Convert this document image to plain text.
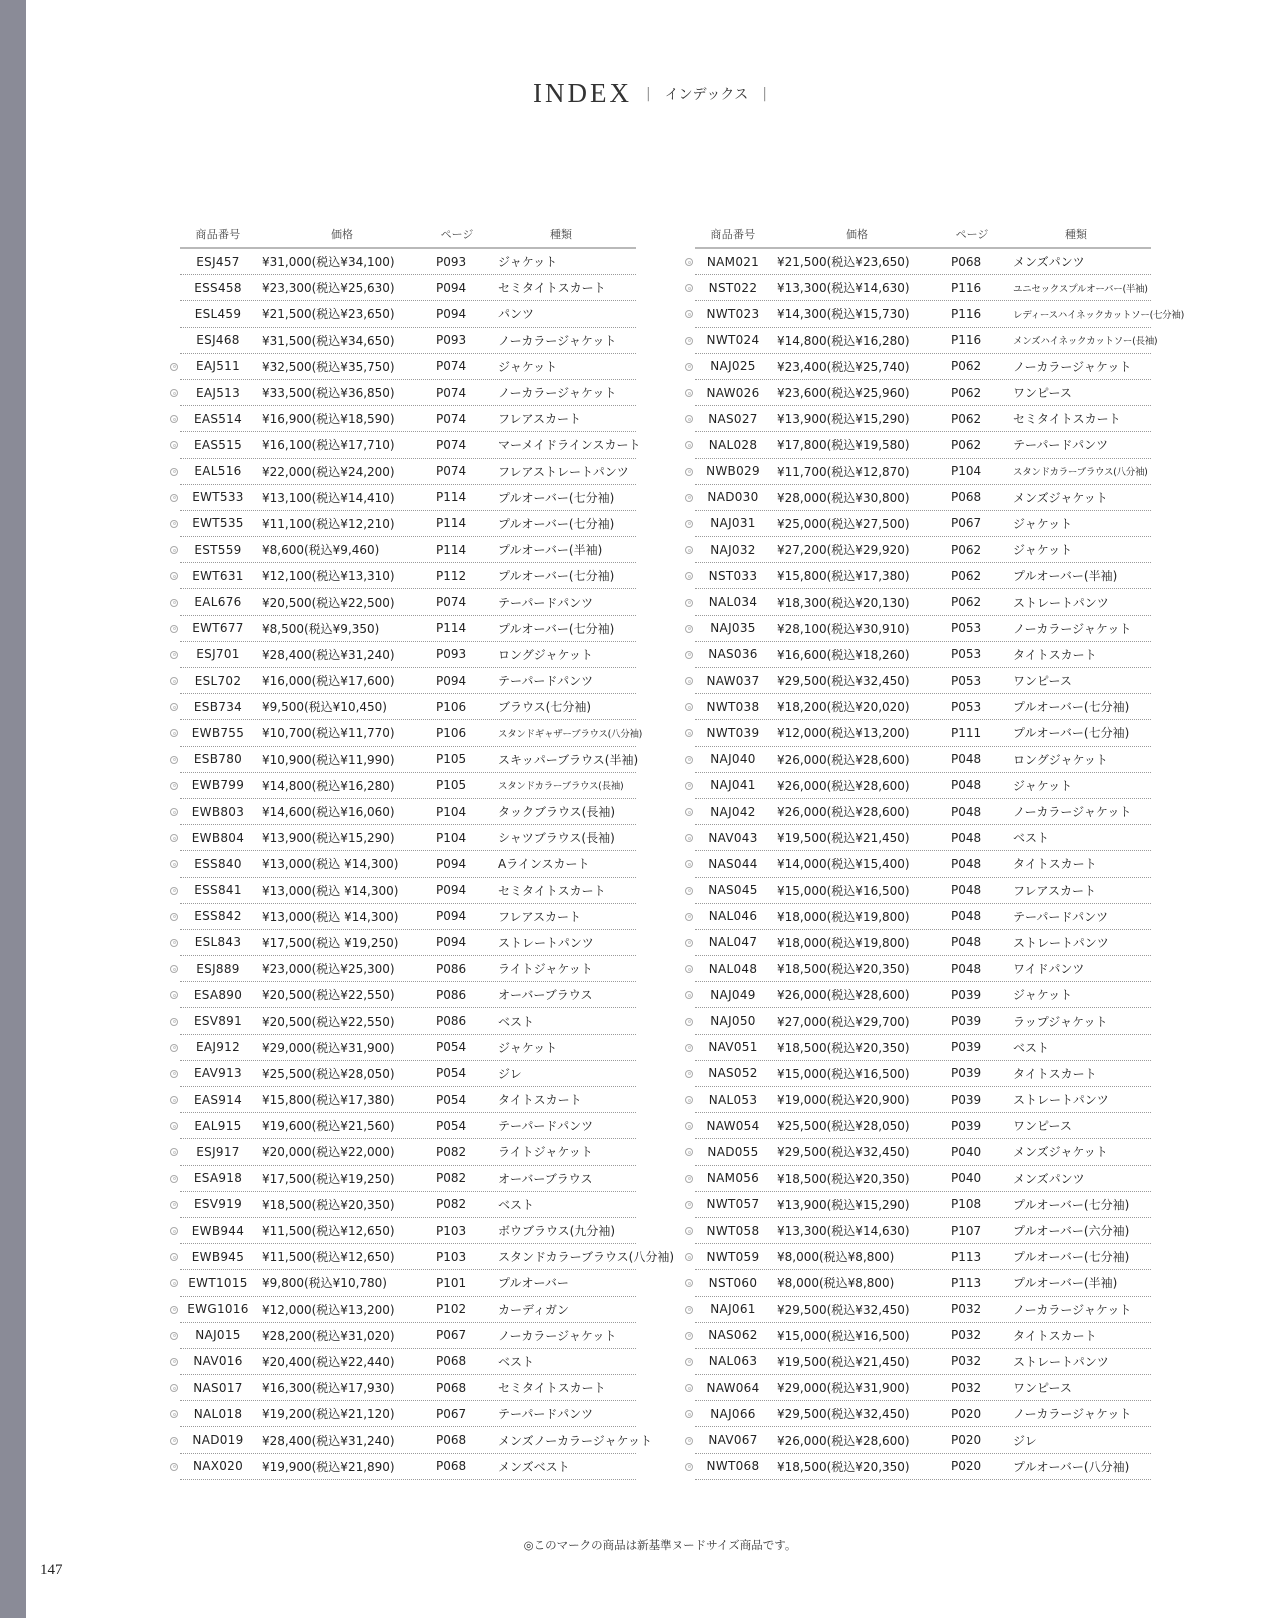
INDEX | インデックス |
商品番号	価格	ページ	種類
ESJ457	¥31,000(税込¥34,100)	P093	ジャケット
ESS458	¥23,300(税込¥25,630)	P094	セミタイトスカート
ESL459	¥21,500(税込¥23,650)	P094	パンツ
ESJ468	¥31,500(税込¥34,650)	P093	ノーカラージャケット
EAJ511	¥32,500(税込¥35,750)	P074	ジャケット
EAJ513	¥33,500(税込¥36,850)	P074	ノーカラージャケット
EAS514	¥16,900(税込¥18,590)	P074	フレアスカート
EAS515	¥16,100(税込¥17,710)	P074	マーメイドラインスカート
EAL516	¥22,000(税込¥24,200)	P074	フレアストレートパンツ
EWT533	¥13,100(税込¥14,410)	P114	プルオーバー(七分袖)
EWT535	¥11,100(税込¥12,210)	P114	プルオーバー(七分袖)
EST559	¥8,600(税込¥9,460)	P114	プルオーバー(半袖)
EWT631	¥12,100(税込¥13,310)	P112	プルオーバー(七分袖)
EAL676	¥20,500(税込¥22,500)	P074	テーパードパンツ
EWT677	¥8,500(税込¥9,350)	P114	プルオーバー(七分袖)
ESJ701	¥28,400(税込¥31,240)	P093	ロングジャケット
ESL702	¥16,000(税込¥17,600)	P094	テーパードパンツ
ESB734	¥9,500(税込¥10,450)	P106	ブラウス(七分袖)
EWB755	¥10,700(税込¥11,770)	P106	スタンドギャザーブラウス(八分袖)
ESB780	¥10,900(税込¥11,990)	P105	スキッパーブラウス(半袖)
EWB799	¥14,800(税込¥16,280)	P105	スタンドカラーブラウス(長袖)
EWB803	¥14,600(税込¥16,060)	P104	タックブラウス(長袖)
EWB804	¥13,900(税込¥15,290)	P104	シャツブラウス(長袖)
ESS840	¥13,000(税込 ¥14,300)	P094	Aラインスカート
ESS841	¥13,000(税込 ¥14,300)	P094	セミタイトスカート
ESS842	¥13,000(税込 ¥14,300)	P094	フレアスカート
ESL843	¥17,500(税込 ¥19,250)	P094	ストレートパンツ
ESJ889	¥23,000(税込¥25,300)	P086	ライトジャケット
ESA890	¥20,500(税込¥22,550)	P086	オーバーブラウス
ESV891	¥20,500(税込¥22,550)	P086	ベスト
EAJ912	¥29,000(税込¥31,900)	P054	ジャケット
EAV913	¥25,500(税込¥28,050)	P054	ジレ
EAS914	¥15,800(税込¥17,380)	P054	タイトスカート
EAL915	¥19,600(税込¥21,560)	P054	テーパードパンツ
ESJ917	¥20,000(税込¥22,000)	P082	ライトジャケット
ESA918	¥17,500(税込¥19,250)	P082	オーバーブラウス
ESV919	¥18,500(税込¥20,350)	P082	ベスト
EWB944	¥11,500(税込¥12,650)	P103	ボウブラウス(九分袖)
EWB945	¥11,500(税込¥12,650)	P103	スタンドカラーブラウス(八分袖)
EWT1015	¥9,800(税込¥10,780)	P101	プルオーバー
EWG1016	¥12,000(税込¥13,200)	P102	カーディガン
NAJ015	¥28,200(税込¥31,020)	P067	ノーカラージャケット
NAV016	¥20,400(税込¥22,440)	P068	ベスト
NAS017	¥16,300(税込¥17,930)	P068	セミタイトスカート
NAL018	¥19,200(税込¥21,120)	P067	テーパードパンツ
NAD019	¥28,400(税込¥31,240)	P068	メンズノーカラージャケット
NAX020	¥19,900(税込¥21,890)	P068	メンズベスト
商品番号	価格	ページ	種類
NAM021	¥21,500(税込¥23,650)	P068	メンズパンツ
NST022	¥13,300(税込¥14,630)	P116	ユニセックスプルオーバー(半袖)
NWT023	¥14,300(税込¥15,730)	P116	レディースハイネックカットソー(七分袖)
NWT024	¥14,800(税込¥16,280)	P116	メンズハイネックカットソー(長袖)
NAJ025	¥23,400(税込¥25,740)	P062	ノーカラージャケット
NAW026	¥23,600(税込¥25,960)	P062	ワンピース
NAS027	¥13,900(税込¥15,290)	P062	セミタイトスカート
NAL028	¥17,800(税込¥19,580)	P062	テーパードパンツ
NWB029	¥11,700(税込¥12,870)	P104	スタンドカラーブラウス(八分袖)
NAD030	¥28,000(税込¥30,800)	P068	メンズジャケット
NAJ031	¥25,000(税込¥27,500)	P067	ジャケット
NAJ032	¥27,200(税込¥29,920)	P062	ジャケット
NST033	¥15,800(税込¥17,380)	P062	プルオーバー(半袖)
NAL034	¥18,300(税込¥20,130)	P062	ストレートパンツ
NAJ035	¥28,100(税込¥30,910)	P053	ノーカラージャケット
NAS036	¥16,600(税込¥18,260)	P053	タイトスカート
NAW037	¥29,500(税込¥32,450)	P053	ワンピース
NWT038	¥18,200(税込¥20,020)	P053	プルオーバー(七分袖)
NWT039	¥12,000(税込¥13,200)	P111	プルオーバー(七分袖)
NAJ040	¥26,000(税込¥28,600)	P048	ロングジャケット
NAJ041	¥26,000(税込¥28,600)	P048	ジャケット
NAJ042	¥26,000(税込¥28,600)	P048	ノーカラージャケット
NAV043	¥19,500(税込¥21,450)	P048	ベスト
NAS044	¥14,000(税込¥15,400)	P048	タイトスカート
NAS045	¥15,000(税込¥16,500)	P048	フレアスカート
NAL046	¥18,000(税込¥19,800)	P048	テーパードパンツ
NAL047	¥18,000(税込¥19,800)	P048	ストレートパンツ
NAL048	¥18,500(税込¥20,350)	P048	ワイドパンツ
NAJ049	¥26,000(税込¥28,600)	P039	ジャケット
NAJ050	¥27,000(税込¥29,700)	P039	ラップジャケット
NAV051	¥18,500(税込¥20,350)	P039	ベスト
NAS052	¥15,000(税込¥16,500)	P039	タイトスカート
NAL053	¥19,000(税込¥20,900)	P039	ストレートパンツ
NAW054	¥25,500(税込¥28,050)	P039	ワンピース
NAD055	¥29,500(税込¥32,450)	P040	メンズジャケット
NAM056	¥18,500(税込¥20,350)	P040	メンズパンツ
NWT057	¥13,900(税込¥15,290)	P108	プルオーバー(七分袖)
NWT058	¥13,300(税込¥14,630)	P107	プルオーバー(六分袖)
NWT059	¥8,000(税込¥8,800)	P113	プルオーバー(七分袖)
NST060	¥8,000(税込¥8,800)	P113	プルオーバー(半袖)
NAJ061	¥29,500(税込¥32,450)	P032	ノーカラージャケット
NAS062	¥15,000(税込¥16,500)	P032	タイトスカート
NAL063	¥19,500(税込¥21,450)	P032	ストレートパンツ
NAW064	¥29,000(税込¥31,900)	P032	ワンピース
NAJ066	¥29,500(税込¥32,450)	P020	ノーカラージャケット
NAV067	¥26,000(税込¥28,600)	P020	ジレ
NWT068	¥18,500(税込¥20,350)	P020	プルオーバー(八分袖)
◎このマークの商品は新基準ヌードサイズ商品です。
147
